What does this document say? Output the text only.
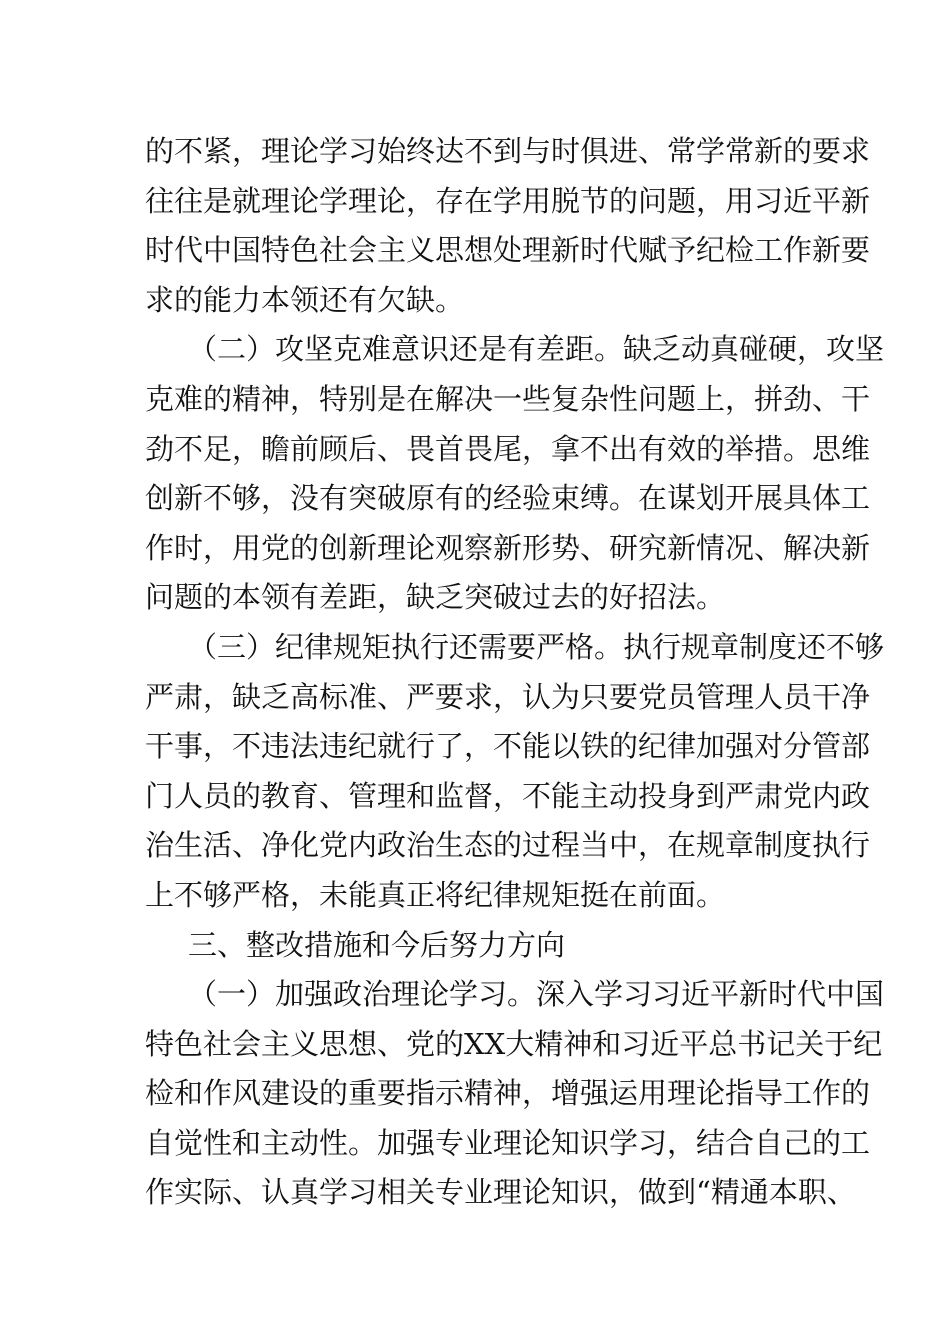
的不紧，理论学习始终达不到与时俱进、常学常新的要求
往往是就理论学理论，存在学用脱节的问题，用习近平新
时代中国特色社会主义思想处理新时代赋予纪检工作新要
求的能力本领还有欠缺。
（二）攻坚克难意识还是有差距。缺乏动真碰硬，攻坚
克难的精神，特别是在解决一些复杂性问题上，拼劲、干
劲不足，瞻前顾后、畏首畏尾，拿不出有效的举措。思维
创新不够，没有突破原有的经验束缚。在谋划开展具体工
作时，用党的创新理论观察新形势、研究新情况、解决新
问题的本领有差距，缺乏突破过去的好招法。
（三）纪律规矩执行还需要严格。执行规章制度还不够
严肃，缺乏高标准、严要求，认为只要党员管理人员干净
干事，不违法违纪就行了，不能以铁的纪律加强对分管部
门人员的教育、管理和监督，不能主动投身到严肃党内政
治生活、净化党内政治生态的过程当中，在规章制度执行
上不够严格，未能真正将纪律规矩挺在前面。
三、整改措施和今后努力方向
（一）加强政治理论学习。深入学习习近平新时代中国
特色社会主义思想、党的XX大精神和习近平总书记关于纪
检和作风建设的重要指示精神，增强运用理论指导工作的
自觉性和主动性。加强专业理论知识学习，结合自己的工
作实际、认真学习相关专业理论知识，做到“精通本职、
